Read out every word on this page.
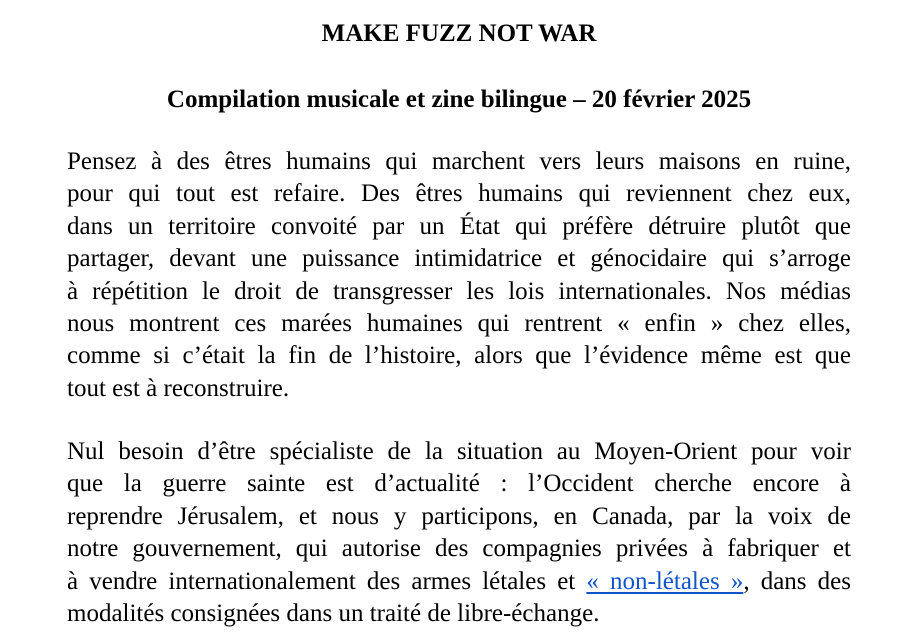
MAKE FUZZ NOT WAR
Compilation musicale et zine bilingue – 20 février 2025
Pensez à des êtres humains qui marchent vers leurs maisons en ruine,
pour qui tout est refaire. Des êtres humains qui reviennent chez eux,
dans un territoire convoité par un État qui préfère détruire plutôt que
partager, devant une puissance intimidatrice et génocidaire qui s’arroge
à répétition le droit de transgresser les lois internationales. Nos médias
nous montrent ces marées humaines qui rentrent « enfin » chez elles,
comme si c’était la fin de l’histoire, alors que l’évidence même est que
tout est à reconstruire.
Nul besoin d’être spécialiste de la situation au Moyen-Orient pour voir
que la guerre sainte est d’actualité : l’Occident cherche encore à
reprendre Jérusalem, et nous y participons, en Canada, par la voix de
notre gouvernement, qui autorise des compagnies privées à fabriquer et
à vendre internationalement des armes létales et « non-létales », dans des
modalités consignées dans un traité de libre-échange.
